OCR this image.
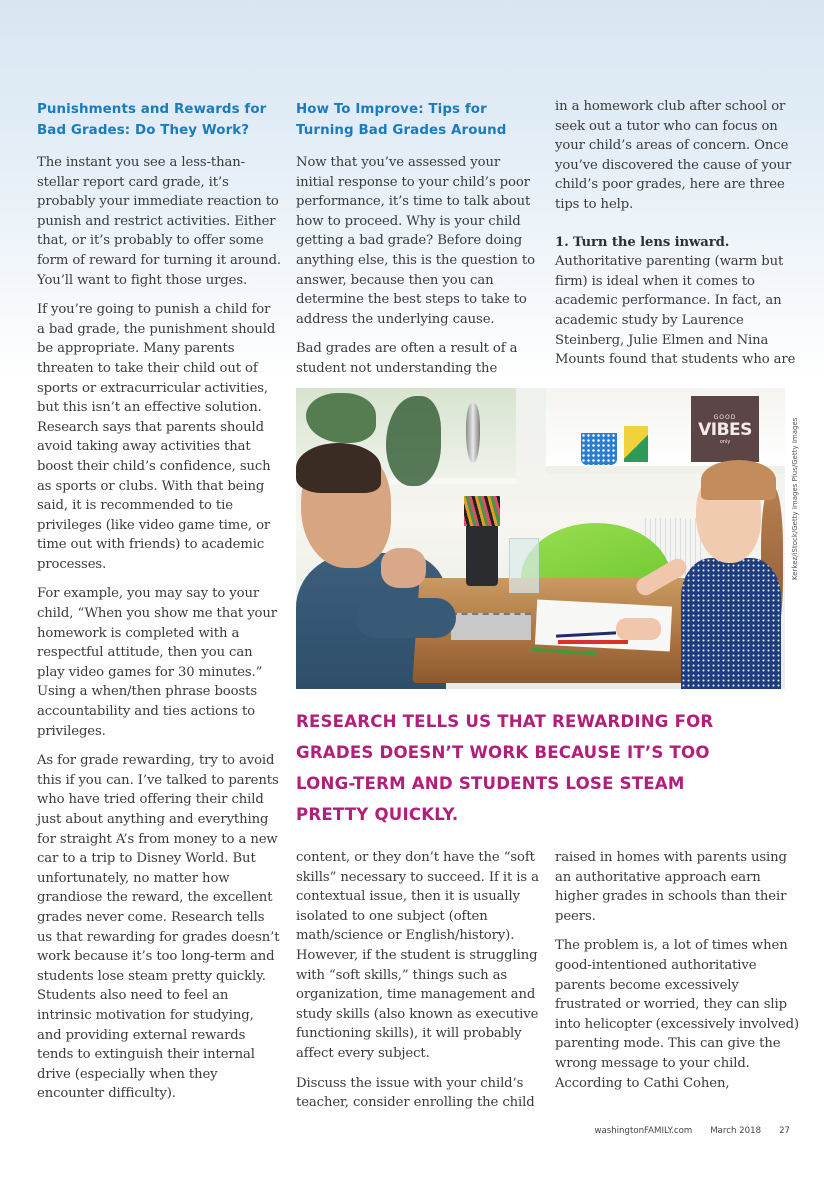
Punishments and Rewards for Bad Grades: Do They Work?

The instant you see a less-than-stellar report card grade, it’s probably your immediate reaction to punish and restrict activities. Either that, or it’s probably to offer some form of reward for turning it around. You’ll want to fight those urges.

If you’re going to punish a child for a bad grade, the punishment should be appropriate. Many parents threaten to take their child out of sports or extracurricular activities, but this isn’t an effective solution. Research says that parents should avoid taking away activities that boost their child’s confidence, such as sports or clubs. With that being said, it is recommended to tie privileges (like video game time, or time out with friends) to academic processes.

For example, you may say to your child, “When you show me that your homework is completed with a respectful attitude, then you can play video games for 30 minutes.” Using a when/then phrase boosts accountability and ties actions to privileges.

As for grade rewarding, try to avoid this if you can. I’ve talked to parents who have tried offering their child just about anything and everything for straight A’s from money to a new car to a trip to Disney World. But unfortunately, no matter how grandiose the reward, the excellent grades never come. Research tells us that rewarding for grades doesn’t work because it’s too long-term and students lose steam pretty quickly. Students also need to feel an intrinsic motivation for studying, and providing external rewards tends to extinguish their internal drive (especially when they encounter difficulty).

How To Improve: Tips for Turning Bad Grades Around

Now that you’ve assessed your initial response to your child’s poor performance, it’s time to talk about how to proceed. Why is your child getting a bad grade? Before doing anything else, this is the question to answer, because then you can determine the best steps to take to address the underlying cause.

Bad grades are often a result of a student not understanding the

in a homework club after school or seek out a tutor who can focus on your child’s areas of concern. Once you’ve discovered the cause of your child’s poor grades, here are three tips to help.

1. Turn the lens inward.
Authoritative parenting (warm but firm) is ideal when it comes to academic performance. In fact, an academic study by Laurence Steinberg, Julie Elmen and Nina Mounts found that students who are

GOOD
VIBES
only	Kerkez/iStock/Getty Images Plus/Getty Images

RESEARCH TELLS US THAT REWARDING FOR GRADES DOESN’T WORK BECAUSE IT’S TOO LONG-TERM AND STUDENTS LOSE STEAM PRETTY QUICKLY.

content, or they don’t have the “soft skills” necessary to succeed. If it is a contextual issue, then it is usually isolated to one subject (often math/science or English/history). However, if the student is struggling with “soft skills,” things such as organization, time management and study skills (also known as executive functioning skills), it will probably affect every subject.

Discuss the issue with your child’s teacher, consider enrolling the child

raised in homes with parents using an authoritative approach earn higher grades in schools than their peers.

The problem is, a lot of times when good-intentioned authoritative parents become excessively frustrated or worried, they can slip into helicopter (excessively involved) parenting mode. This can give the wrong message to your child. According to Cathi Cohen,

washingtonFAMILY.com March 2018 27
